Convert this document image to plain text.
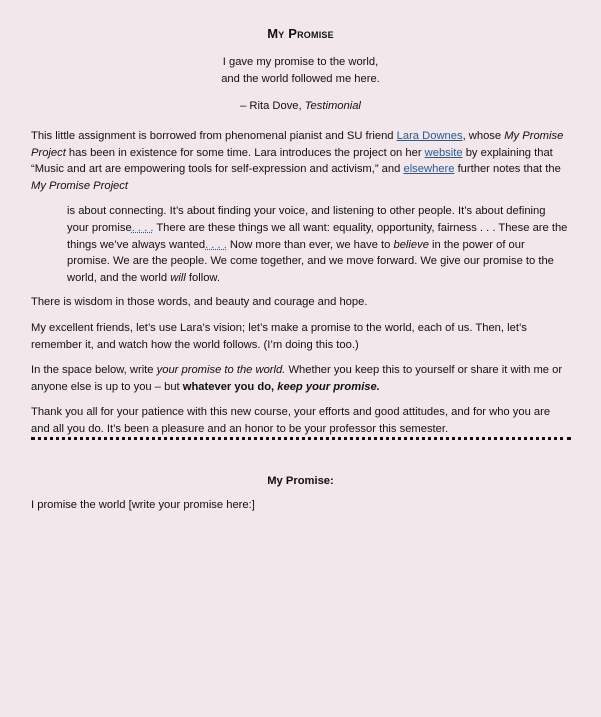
My Promise

I gave my promise to the world,

and the world followed me here.

– Rita Dove, Testimonial

This little assignment is borrowed from phenomenal pianist and SU friend Lara Downes, whose My Promise Project has been in existence for some time. Lara introduces the project on her website by explaining that “Music and art are empowering tools for self-expression and activism,” and elsewhere further notes that the My Promise Project

is about connecting. It’s about finding your voice, and listening to other people. It’s about defining your promise. . . . There are these things we all want: equality, opportunity, fairness . . . These are the things we’ve always wanted. . . . Now more than ever, we have to believe in the power of our promise. We are the people. We come together, and we move forward. We give our promise to the world, and the world will follow.

There is wisdom in those words, and beauty and courage and hope.

My excellent friends, let’s use Lara’s vision; let’s make a promise to the world, each of us. Then, let’s remember it, and watch how the world follows. (I’m doing this too.)

In the space below, write your promise to the world. Whether you keep this to yourself or share it with me or anyone else is up to you – but whatever you do, keep your promise.

Thank you all for your patience with this new course, your efforts and good attitudes, and for who you are and all you do. It’s been a pleasure and an honor to be your professor this semester.

My Promise:
I promise the world [write your promise here:]
